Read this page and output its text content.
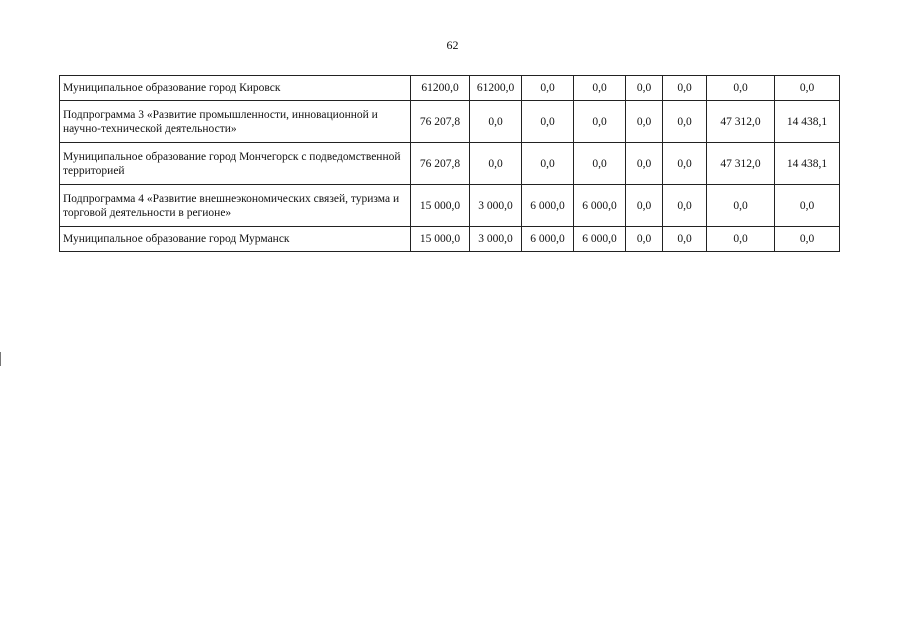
62
Муниципальное образование город Кировск	61200,0	61200,0	0,0	0,0	0,0	0,0	0,0	0,0
Подпрограмма 3 «Развитие промышленности, инновационной и научно-технической деятельности»	76 207,8	0,0	0,0	0,0	0,0	0,0	47 312,0	14 438,1
Муниципальное образование город Мончегорск с подведомственной территорией	76 207,8	0,0	0,0	0,0	0,0	0,0	47 312,0	14 438,1
Подпрограмма 4 «Развитие внешнеэкономических связей, туризма и торговой деятельности в регионе»	15 000,0	3 000,0	6 000,0	6 000,0	0,0	0,0	0,0	0,0
Муниципальное образование город Мурманск	15 000,0	3 000,0	6 000,0	6 000,0	0,0	0,0	0,0	0,0
